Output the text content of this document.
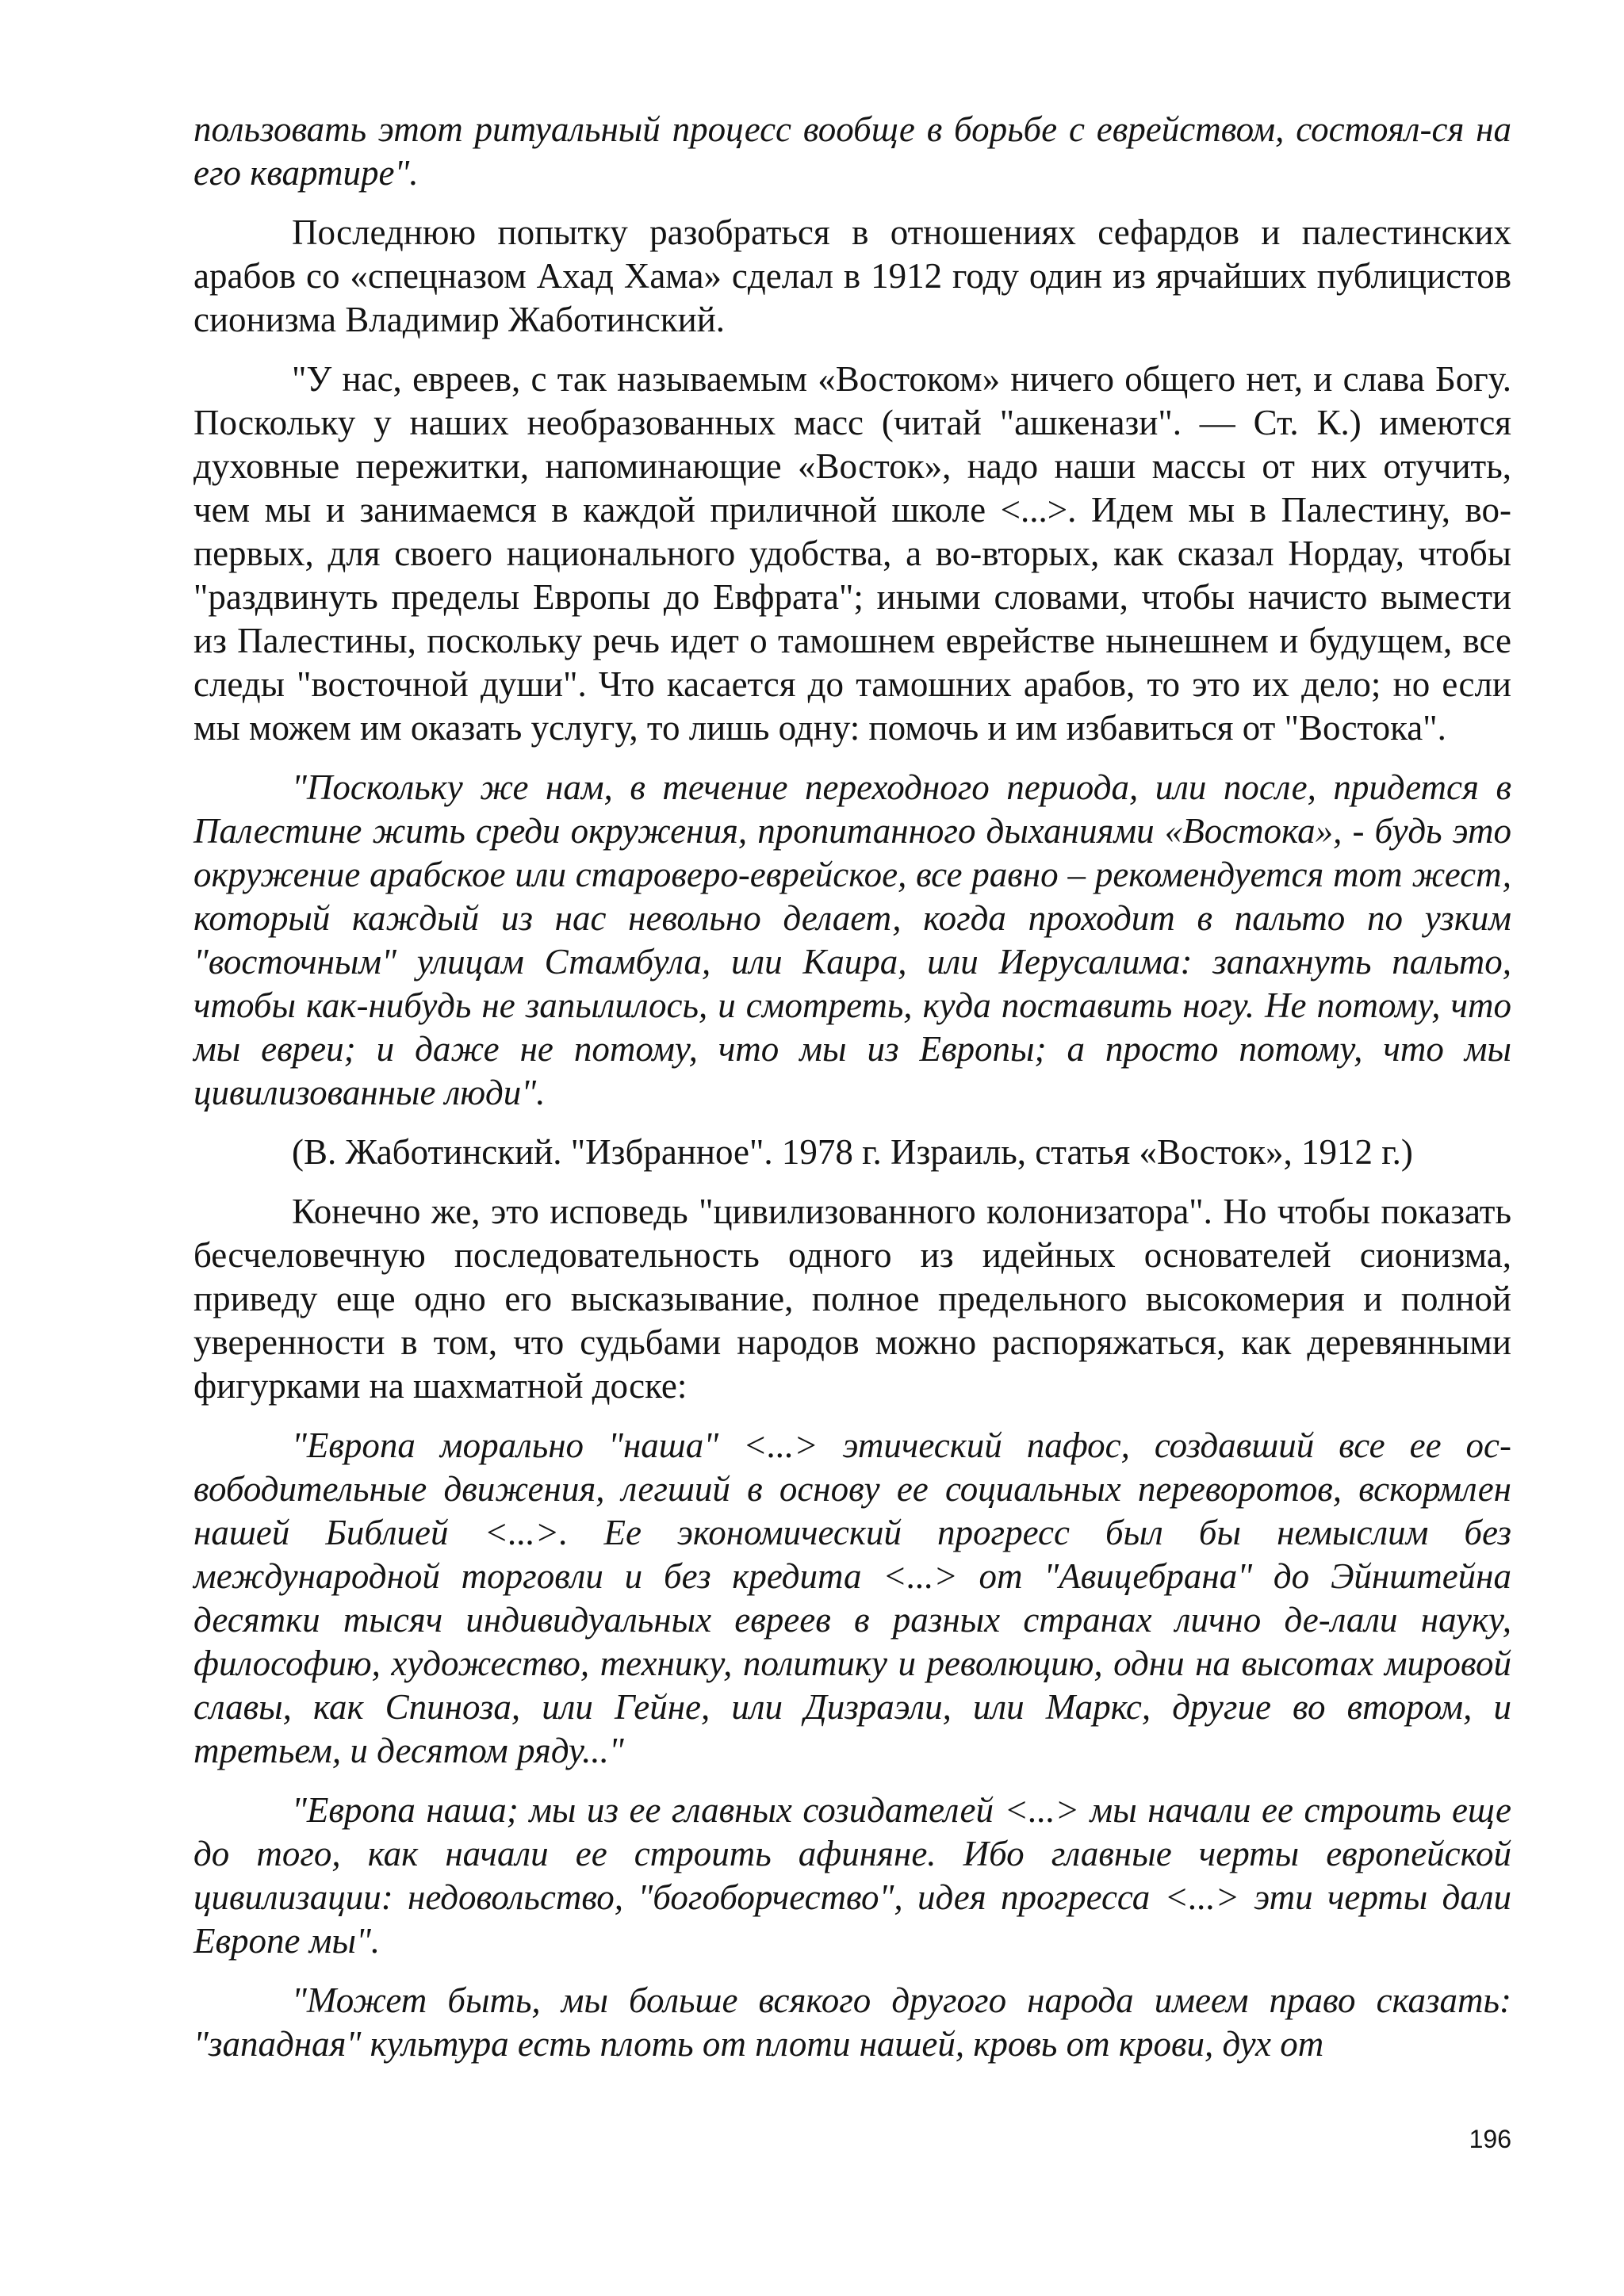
пользовать этот ритуальный процесс вообще в борьбе с еврейством, состоял-ся на его квартире".

Последнюю попытку разобраться в отношениях сефардов и палестинских арабов со «спецназом Ахад Хама» сделал в 1912 году один из ярчайших публицистов сионизма Владимир Жаботинский.

"У нас, евреев, с так называемым «Востоком» ничего общего нет, и слава Богу. Поскольку у наших необразованных масс (читай "ашкенази". — Ст. К.) имеются духовные пережитки, напоминающие «Восток», надо наши массы от них отучить, чем мы и занимаемся в каждой приличной школе <...>. Идем мы в Палестину, во-первых, для своего национального удобства, а во-вторых, как сказал Нордау, чтобы "раздвинуть пределы Европы до Евфрата"; иными словами, чтобы начисто вымести из Палестины, поскольку речь идет о тамошнем еврействе нынешнем и будущем, все следы "восточной души". Что касается до тамошних арабов, то это их дело; но если мы можем им оказать услугу, то лишь одну: помочь и им избавиться от "Востока".

"Поскольку же нам, в течение переходного периода, или после, придется в Палестине жить среди окружения, пропитанного дыханиями «Востока», - будь это окружение арабское или староверо-еврейское, все равно – рекомендуется тот жест, который каждый из нас невольно делает, когда проходит в пальто по узким "восточным" улицам Стамбула, или Каира, или Иерусалима: запахнуть пальто, чтобы как-нибудь не запылилось, и смотреть, куда поставить ногу. Не потому, что мы евреи; и даже не потому, что мы из Европы; а просто потому, что мы цивилизованные люди".

(В. Жаботинский. "Избранное". 1978 г. Израиль, статья «Восток», 1912 г.)

Конечно же, это исповедь "цивилизованного колонизатора". Но чтобы показать бесчеловечную последовательность одного из идейных основателей сионизма, приведу еще одно его высказывание, полное предельного высокомерия и полной уверенности в том, что судьбами народов можно распоряжаться, как деревянными фигурками на шахматной доске:

"Европа морально "наша" <...> этический пафос, создавший все ее ос-вободительные движения, легший в основу ее социальных переворотов, вскормлен нашей Библией <...>. Ее экономический прогресс был бы немыслим без международной торговли и без кредита <...> от "Авицебрана" до Эйнштейна десятки тысяч индивидуальных евреев в разных странах лично де-лали науку, философию, художество, технику, политику и революцию, одни на высотах мировой славы, как Спиноза, или Гейне, или Дизраэли, или Маркс, другие во втором, и третьем, и десятом ряду..."

"Европа наша; мы из ее главных созидателей <...> мы начали ее строить еще до того, как начали ее строить афиняне. Ибо главные черты европейской цивилизации: недовольство, "богоборчество", идея прогресса <...> эти черты дали Европе мы".

"Может быть, мы больше всякого другого народа имеем право сказать: "западная" культура есть плоть от плоти нашей, кровь от крови, дух от

196
